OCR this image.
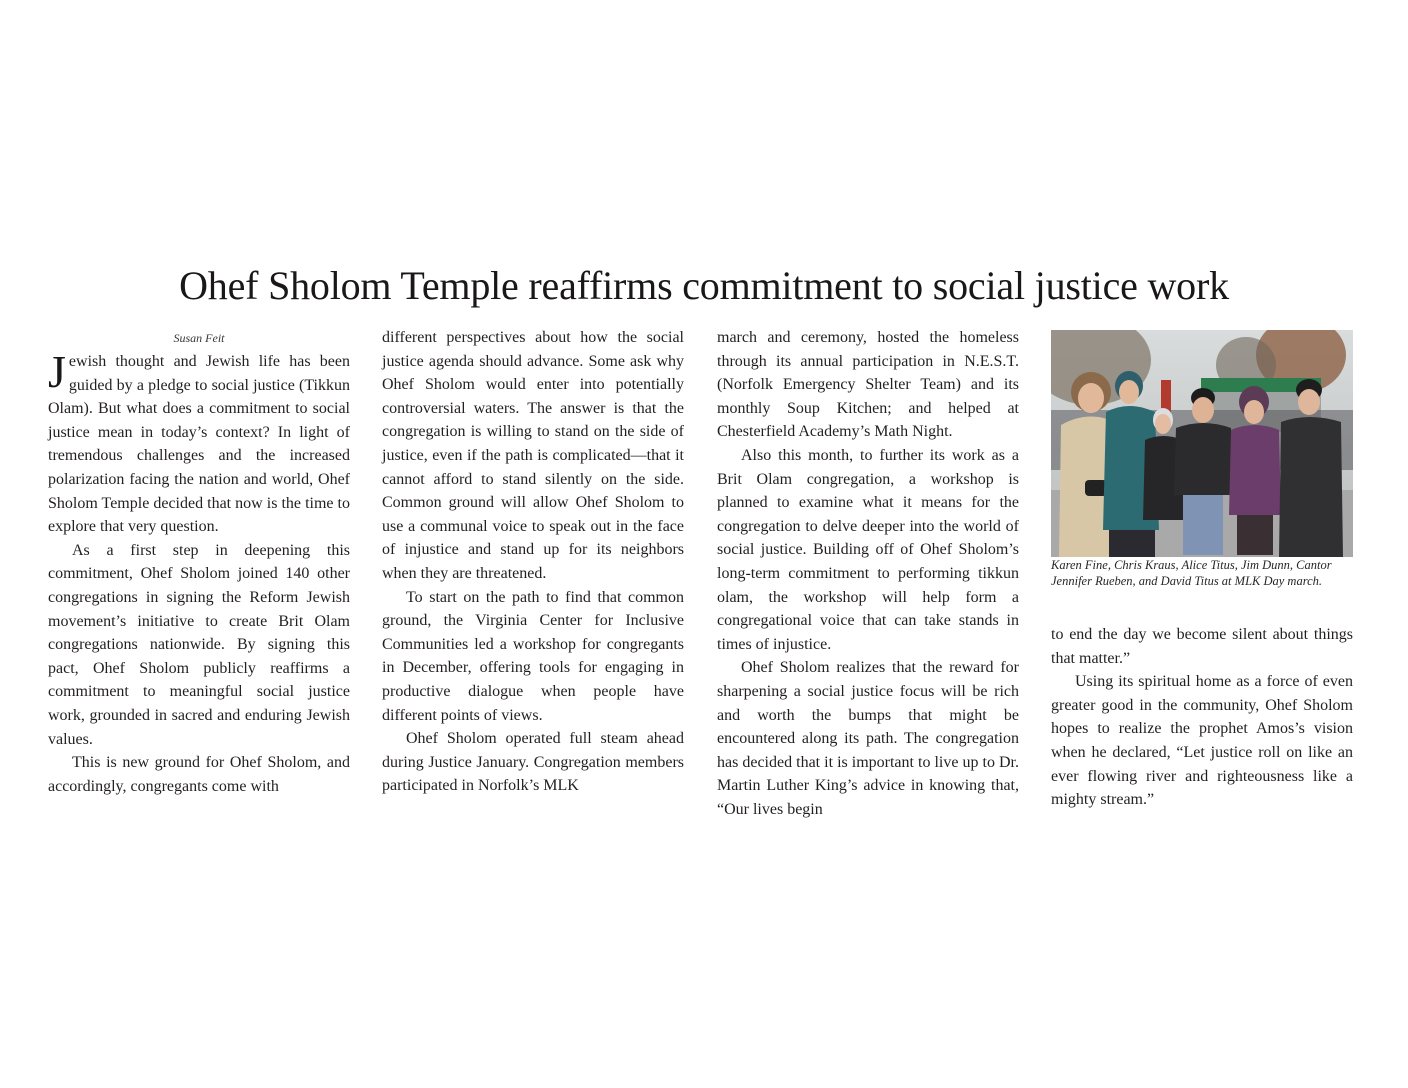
Ohef Sholom Temple reaffirms commitment to social justice work

Susan Feit

Jewish thought and Jewish life has been guided by a pledge to social justice (Tikkun Olam). But what does a commitment to social justice mean in today’s context? In light of tremendous challenges and the increased polarization facing the nation and world, Ohef Sholom Temple decided that now is the time to explore that very question.

As a first step in deepening this commitment, Ohef Sholom joined 140 other congregations in signing the Reform Jewish movement’s initiative to create Brit Olam congregations nationwide. By signing this pact, Ohef Sholom publicly reaffirms a commitment to meaningful social justice work, grounded in sacred and enduring Jewish values.

This is new ground for Ohef Sholom, and accordingly, congregants come with

different perspectives about how the social justice agenda should advance. Some ask why Ohef Sholom would enter into potentially controversial waters. The answer is that the congregation is willing to stand on the side of justice, even if the path is complicated—that it cannot afford to stand silently on the side. Common ground will allow Ohef Sholom to use a communal voice to speak out in the face of injustice and stand up for its neighbors when they are threatened.

To start on the path to find that common ground, the Virginia Center for Inclusive Communities led a workshop for congregants in December, offering tools for engaging in productive dialogue when people have different points of views.

Ohef Sholom operated full steam ahead during Justice January. Congregation members participated in Norfolk’s MLK

march and ceremony, hosted the homeless through its annual participation in N.E.S.T. (Norfolk Emergency Shelter Team) and its monthly Soup Kitchen; and helped at Chesterfield Academy’s Math Night.

Also this month, to further its work as a Brit Olam congregation, a workshop is planned to examine what it means for the congregation to delve deeper into the world of social justice. Building off of Ohef Sholom’s long-term commitment to performing tikkun olam, the workshop will help form a congregational voice that can take stands in times of injustice.

Ohef Sholom realizes that the reward for sharpening a social justice focus will be rich and worth the bumps that might be encountered along its path. The congregation has decided that it is important to live up to Dr. Martin Luther King’s advice in knowing that, “Our lives begin

Karen Fine, Chris Kraus, Alice Titus, Jim Dunn, Cantor Jennifer Rueben, and David Titus at MLK Day march.

to end the day we become silent about things that matter.”

Using its spiritual home as a force of even greater good in the community, Ohef Sholom hopes to realize the prophet Amos’s vision when he declared, “Let justice roll on like an ever flowing river and righteousness like a mighty stream.”
